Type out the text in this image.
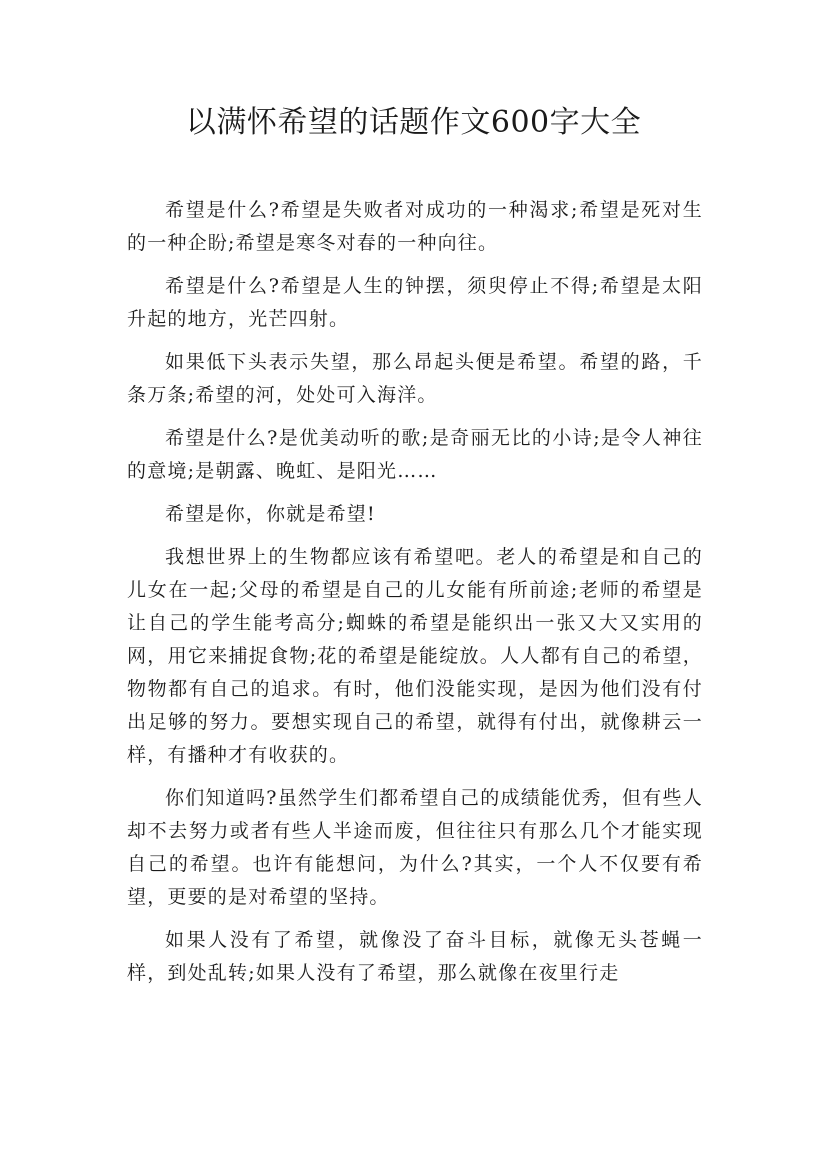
以满怀希望的话题作文600字大全

希望是什么?希望是失败者对成功的一种渴求;希望是死对生的一种企盼;希望是寒冬对春的一种向往。

希望是什么?希望是人生的钟摆，须臾停止不得;希望是太阳升起的地方，光芒四射。

如果低下头表示失望，那么昂起头便是希望。希望的路，千条万条;希望的河，处处可入海洋。

希望是什么?是优美动听的歌;是奇丽无比的小诗;是令人神往的意境;是朝露、晚虹、是阳光……

希望是你，你就是希望!

我想世界上的生物都应该有希望吧。老人的希望是和自己的儿女在一起;父母的希望是自己的儿女能有所前途;老师的希望是让自己的学生能考高分;蜘蛛的希望是能织出一张又大又实用的网，用它来捕捉食物;花的希望是能绽放。人人都有自己的希望，物物都有自己的追求。有时，他们没能实现，是因为他们没有付出足够的努力。要想实现自己的希望，就得有付出，就像耕云一样，有播种才有收获的。

你们知道吗?虽然学生们都希望自己的成绩能优秀，但有些人却不去努力或者有些人半途而废，但往往只有那么几个才能实现自己的希望。也许有能想问，为什么?其实，一个人不仅要有希望，更要的是对希望的坚持。

如果人没有了希望，就像没了奋斗目标，就像无头苍蝇一样，到处乱转;如果人没有了希望，那么就像在夜里行走
